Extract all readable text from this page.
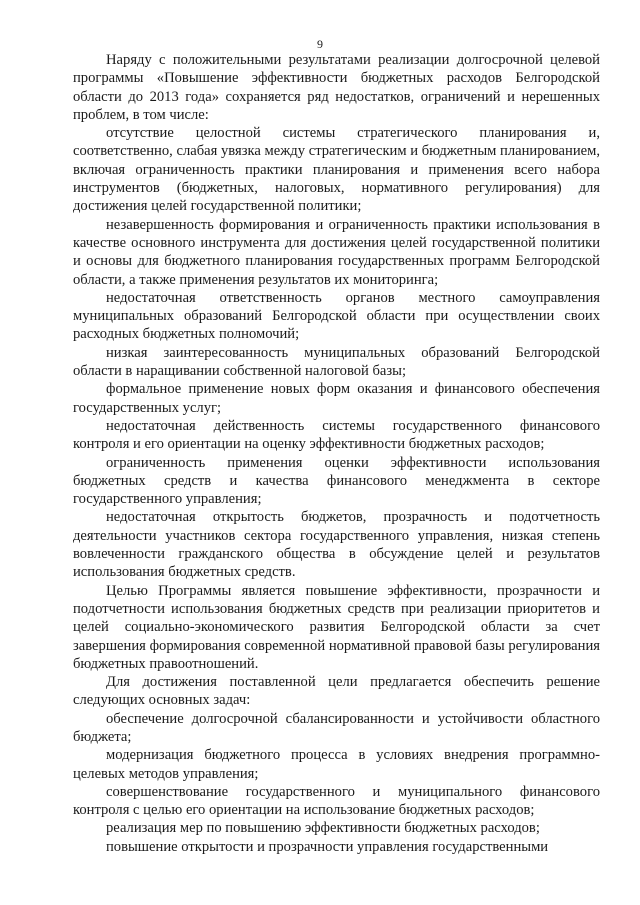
9

Наряду с положительными результатами реализации долгосрочной целевой программы «Повышение эффективности бюджетных расходов Белгородской области до 2013 года» сохраняется ряд недостатков, ограничений и нерешенных проблем, в том числе:

отсутствие целостной системы стратегического планирования и, соответственно, слабая увязка между стратегическим и бюджетным планированием, включая ограниченность практики планирования и применения всего набора инструментов (бюджетных, налоговых, нормативного регулирования) для достижения целей государственной политики;

незавершенность формирования и ограниченность практики использования в качестве основного инструмента для достижения целей государственной политики и основы для бюджетного планирования государственных программ Белгородской области, а также применения результатов их мониторинга;

недостаточная ответственность органов местного самоуправления муниципальных образований Белгородской области при осуществлении своих расходных бюджетных полномочий;

низкая заинтересованность муниципальных образований Белгородской области в наращивании собственной налоговой базы;

формальное применение новых форм оказания и финансового обеспечения государственных услуг;

недостаточная действенность системы государственного финансового контроля и его ориентации на оценку эффективности бюджетных расходов;

ограниченность применения оценки эффективности использования бюджетных средств и качества финансового менеджмента в секторе государственного управления;

недостаточная открытость бюджетов, прозрачность и подотчетность деятельности участников сектора государственного управления, низкая степень вовлеченности гражданского общества в обсуждение целей и результатов использования бюджетных средств.

Целью Программы является повышение эффективности, прозрачности и подотчетности использования бюджетных средств при реализации приоритетов и целей социально-экономического развития Белгородской области за счет завершения формирования современной нормативной правовой базы регулирования бюджетных правоотношений.

Для достижения поставленной цели предлагается обеспечить решение следующих основных задач:

обеспечение долгосрочной сбалансированности и устойчивости областного бюджета;

модернизация бюджетного процесса в условиях внедрения программно-целевых методов управления;

совершенствование государственного и муниципального финансового контроля с целью его ориентации на использование бюджетных расходов;

реализация мер по повышению эффективности бюджетных расходов;

повышение открытости и прозрачности управления государственными
